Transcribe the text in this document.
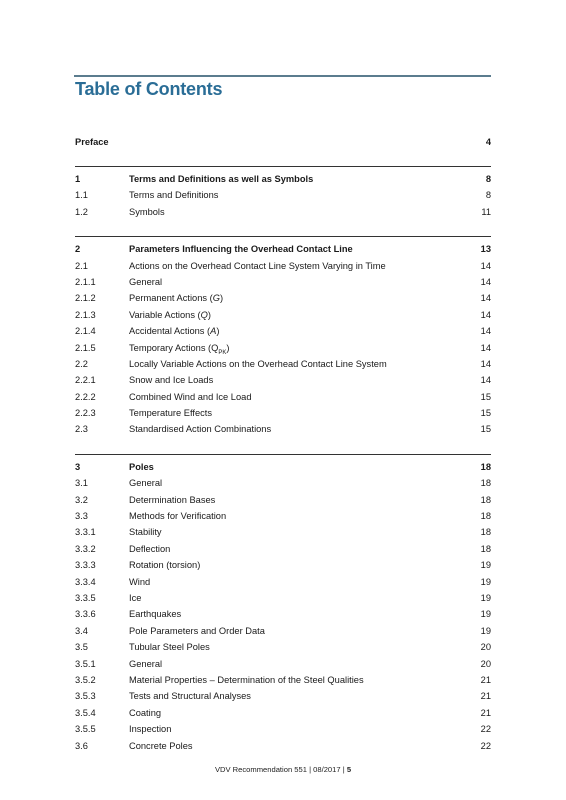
Table of Contents
Preface	4
1	Terms and Definitions as well as Symbols	8
1.1	Terms and Definitions	8
1.2	Symbols	11
2	Parameters Influencing the Overhead Contact Line	13
2.1	Actions on the Overhead Contact Line System Varying in Time	14
2.1.1	General	14
2.1.2	Permanent Actions (G)	14
2.1.3	Variable Actions (Q)	14
2.1.4	Accidental Actions (A)	14
2.1.5	Temporary Actions $(Q_{PK})$	14
2.2	Locally Variable Actions on the Overhead Contact Line System	14
2.2.1	Snow and Ice Loads	14
2.2.2	Combined Wind and Ice Load	15
2.2.3	Temperature Effects	15
2.3	Standardised Action Combinations	15
3	Poles	18
3.1	General	18
3.2	Determination Bases	18
3.3	Methods for Verification	18
3.3.1	Stability	18
3.3.2	Deflection	18
3.3.3	Rotation (torsion)	19
3.3.4	Wind	19
3.3.5	Ice	19
3.3.6	Earthquakes	19
3.4	Pole Parameters and Order Data	19
3.5	Tubular Steel Poles	20
3.5.1	General	20
3.5.2	Material Properties – Determination of the Steel Qualities	21
3.5.3	Tests and Structural Analyses	21
3.5.4	Coating	21
3.5.5	Inspection	22
3.6	Concrete Poles	22
VDV Recommendation 551 | 08/2017 | 5
